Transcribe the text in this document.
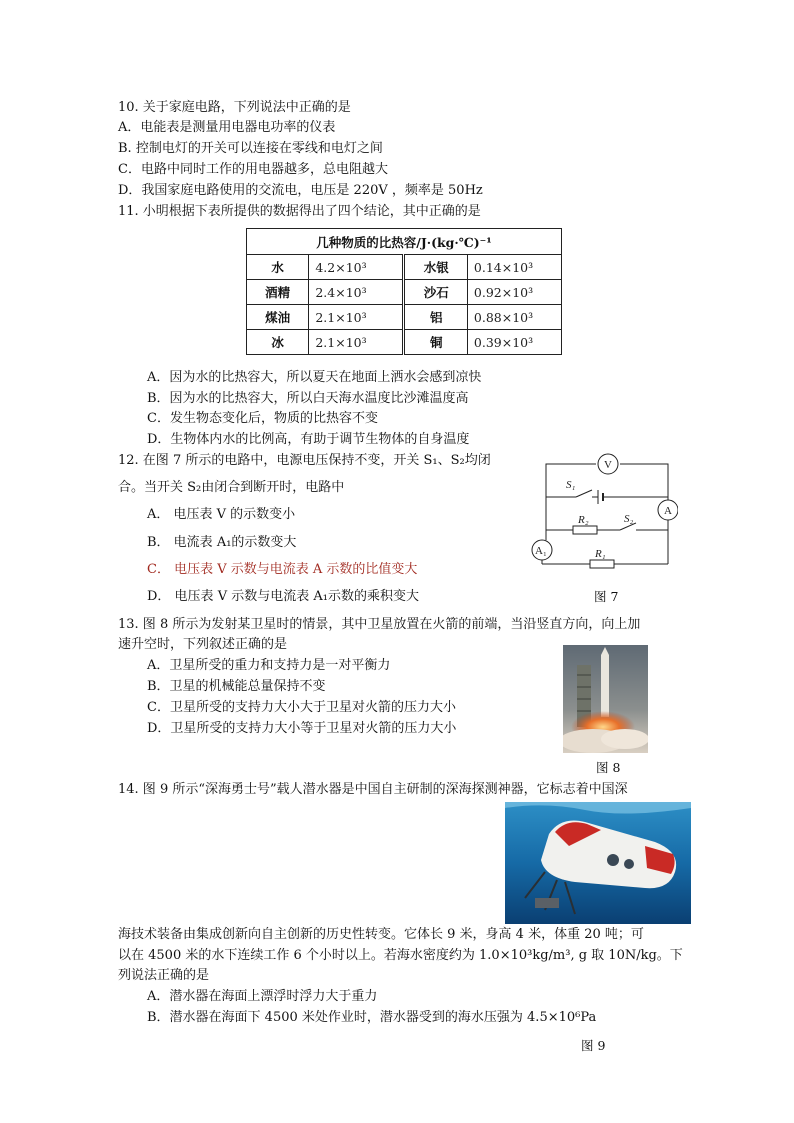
10. 关于家庭电路，下列说法中正确的是
A．电能表是测量用电器电功率的仪表
B. 控制电灯的开关可以连接在零线和电灯之间
C．电路中同时工作的用电器越多，总电阻越大
D．我国家庭电路使用的交流电，电压是 220V ，频率是 50Hz
11. 小明根据下表所提供的数据得出了四个结论，其中正确的是
几种物质的比热容/J·(kg·℃)⁻¹			
水	4.2×10³	水银	0.14×10³
酒精	2.4×10³	沙石	0.92×10³
煤油	2.1×10³	铝	0.88×10³
冰	2.1×10³	铜	0.39×10³
A．因为水的比热容大，所以夏天在地面上洒水会感到凉快
B．因为水的比热容大，所以白天海水温度比沙滩温度高
C．发生物态变化后，物质的比热容不变
D．生物体内水的比例高，有助于调节生物体的自身温度
12. 在图 7 所示的电路中，电源电压保持不变，开关 S₁、S₂均闭
合。当开关 S₂由闭合到断开时，电路中
A． 电压表 V 的示数变小
B． 电流表 A₁的示数变大
C． 电压表 V 示数与电流表 A 示数的比值变大
D． 电压表 V 示数与电流表 A₁示数的乘积变大
V
A
A₁
S₁
S₂
R₂
R₁
图 7
13. 图 8 所示为发射某卫星时的情景，其中卫星放置在火箭的前端，当沿竖直方向，向上加
速升空时，下列叙述正确的是
A．卫星所受的重力和支持力是一对平衡力
B．卫星的机械能总量保持不变
C．卫星所受的支持力大小大于卫星对火箭的压力大小
D．卫星所受的支持力大小等于卫星对火箭的压力大小
图 8
14. 图 9 所示“深海勇士号”载人潜水器是中国自主研制的深海探测神器，它标志着中国深
海技术装备由集成创新向自主创新的历史性转变。它体长 9 米，身高 4 米，体重 20 吨；可
以在 4500 米的水下连续工作 6 个小时以上。若海水密度约为 1.0×10³kg/m³, g 取 10N/kg。下
列说法正确的是
A．潜水器在海面上漂浮时浮力大于重力
B．潜水器在海面下 4500 米处作业时，潜水器受到的海水压强为 4.5×10⁶Pa
图 9
